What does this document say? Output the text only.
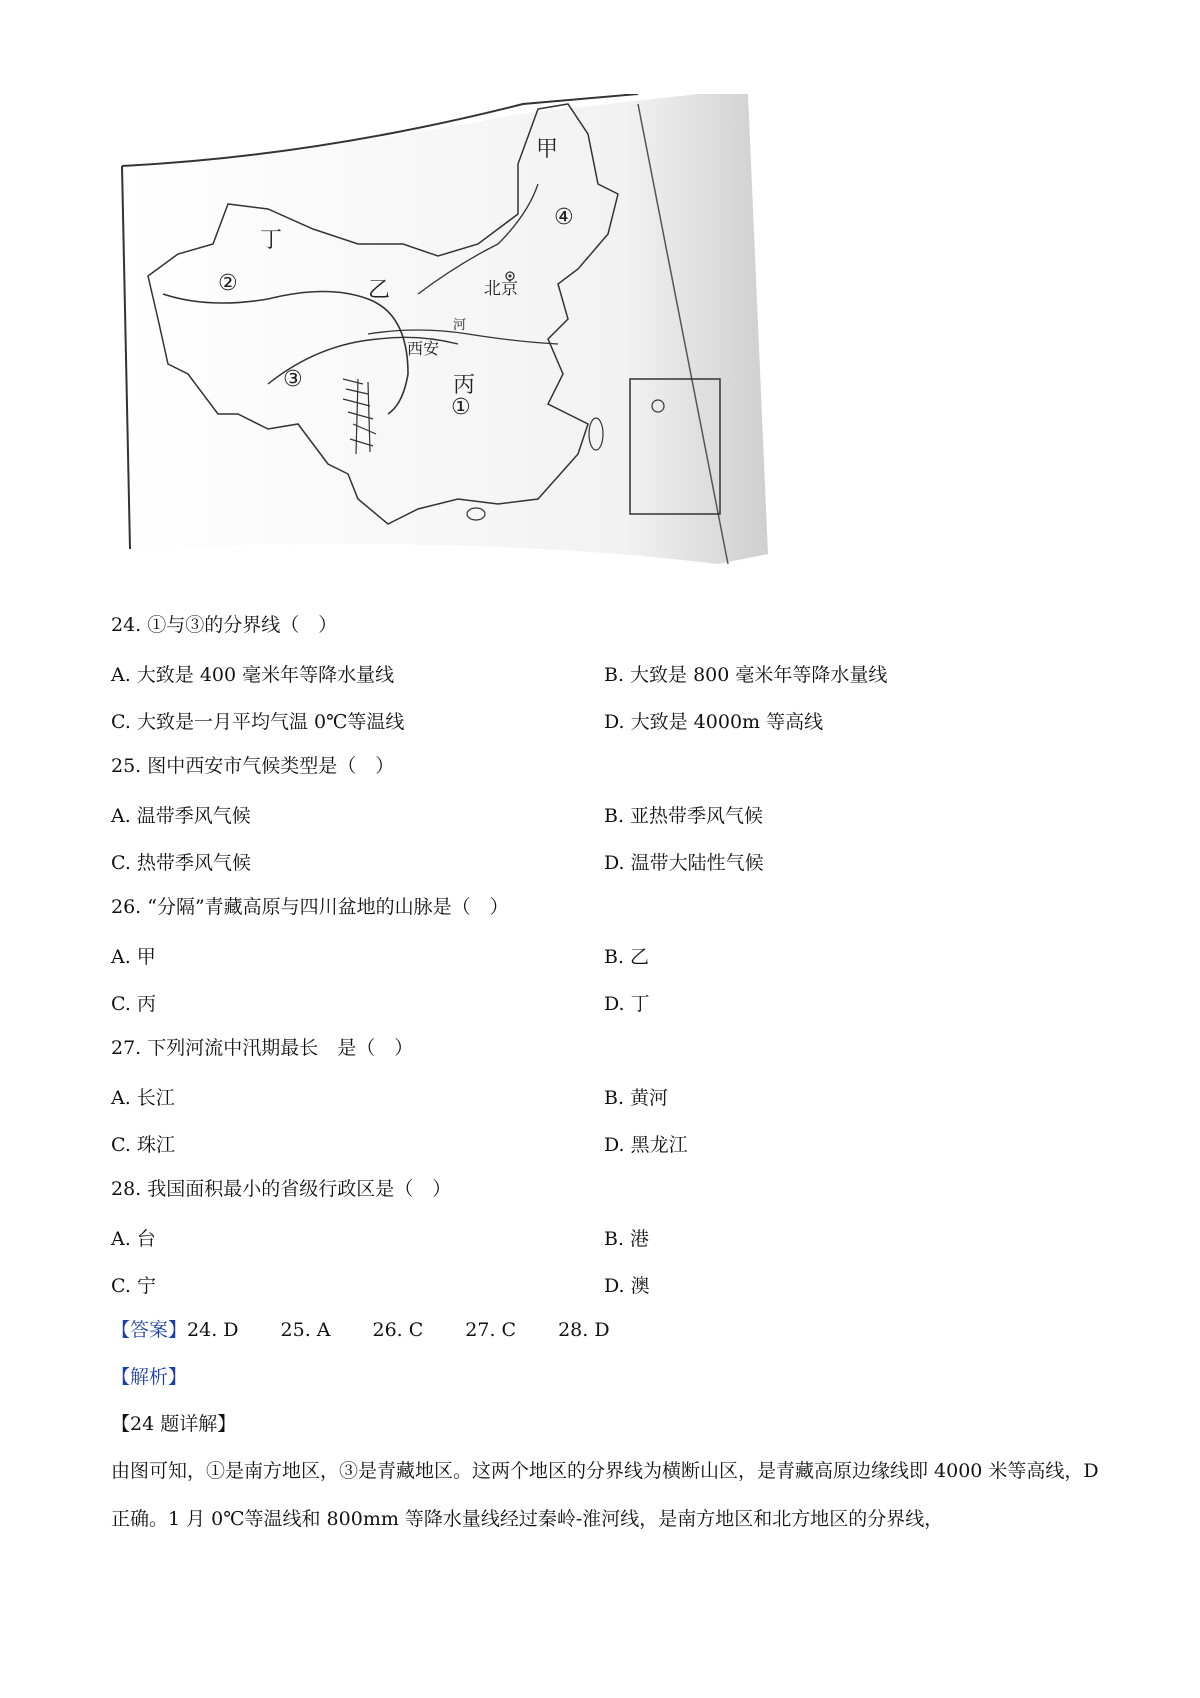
甲
乙
丙
丁
①
②
③
④
北京
西安
河
24. ①与③的分界线（　）
A. 大致是 400 毫米年等降水量线	B. 大致是 800 毫米年等降水量线
C. 大致是一月平均气温 0℃等温线	D. 大致是 4000m 等高线
25. 图中西安市气候类型是（　）
A. 温带季风气候	B. 亚热带季风气候
C. 热带季风气候	D. 温带大陆性气候
26. “分隔”青藏高原与四川盆地的山脉是（　）
A. 甲	B. 乙
C. 丙	D. 丁
27. 下列河流中汛期最长　是（　）
A. 长江	B. 黄河
C. 珠江	D. 黑龙江
28. 我国面积最小的省级行政区是（　）
A. 台	B. 港
C. 宁	D. 澳
【答案】24. D 25. A 26. C 27. C 28. D
【解析】
【24 题详解】
由图可知，①是南方地区，③是青藏地区。这两个地区的分界线为横断山区，是青藏高原边缘线即 4000 米等高线，D 正确。1 月 0℃等温线和 800mm 等降水量线经过秦岭-淮河线，是南方地区和北方地区的分界线，
